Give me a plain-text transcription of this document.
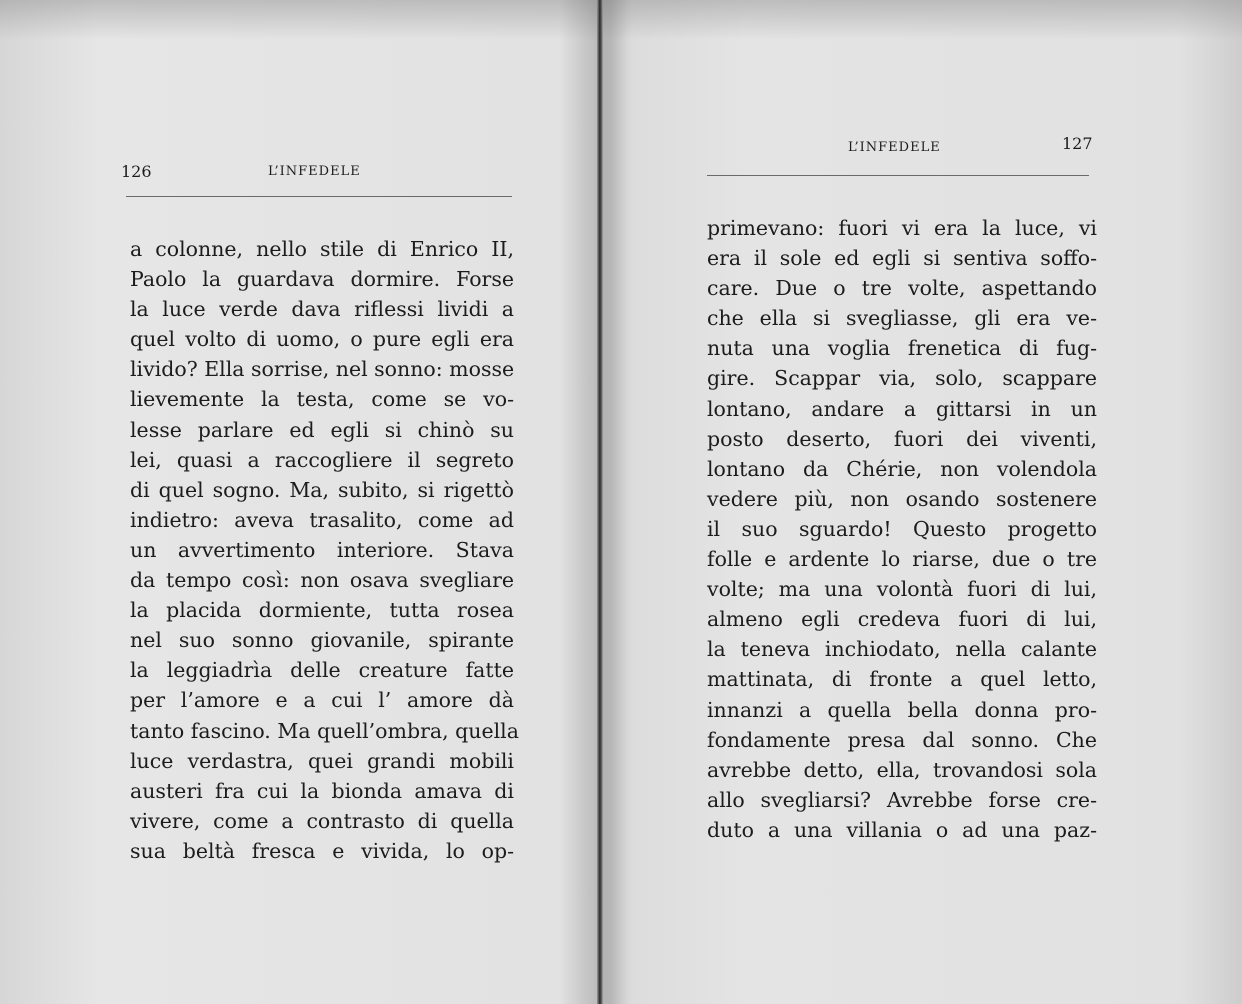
126	L’INFEDELE
a colonne, nello stile di Enrico II,
Paolo la guardava dormire. Forse
la luce verde dava riflessi lividi a
quel volto di uomo, o pure egli era
livido? Ella sorrise, nel sonno: mosse
lievemente la testa, come se vo-
lesse parlare ed egli si chinò su
lei, quasi a raccogliere il segreto
di quel sogno. Ma, subito, si rigettò
indietro: aveva trasalito, come ad
un avvertimento interiore. Stava
da tempo così: non osava svegliare
la placida dormiente, tutta rosea
nel suo sonno giovanile, spirante
la leggiadrìa delle creature fatte
per l’amore e a cui l’ amore dà
tanto fascino. Ma quell’ombra, quella
luce verdastra, quei grandi mobili
austeri fra cui la bionda amava di
vivere, come a contrasto di quella
sua beltà fresca e vivida, lo op-
L’INFEDELE	127
primevano: fuori vi era la luce, vi
era il sole ed egli si sentiva soffo-
care. Due o tre volte, aspettando
che ella si svegliasse, gli era ve-
nuta una voglia frenetica di fug-
gire. Scappar via, solo, scappare
lontano, andare a gittarsi in un
posto deserto, fuori dei viventi,
lontano da Chérie, non volendola
vedere più, non osando sostenere
il suo sguardo! Questo progetto
folle e ardente lo riarse, due o tre
volte; ma una volontà fuori di lui,
almeno egli credeva fuori di lui,
la teneva inchiodato, nella calante
mattinata, di fronte a quel letto,
innanzi a quella bella donna pro-
fondamente presa dal sonno. Che
avrebbe detto, ella, trovandosi sola
allo svegliarsi? Avrebbe forse cre-
duto a una villania o ad una paz-
